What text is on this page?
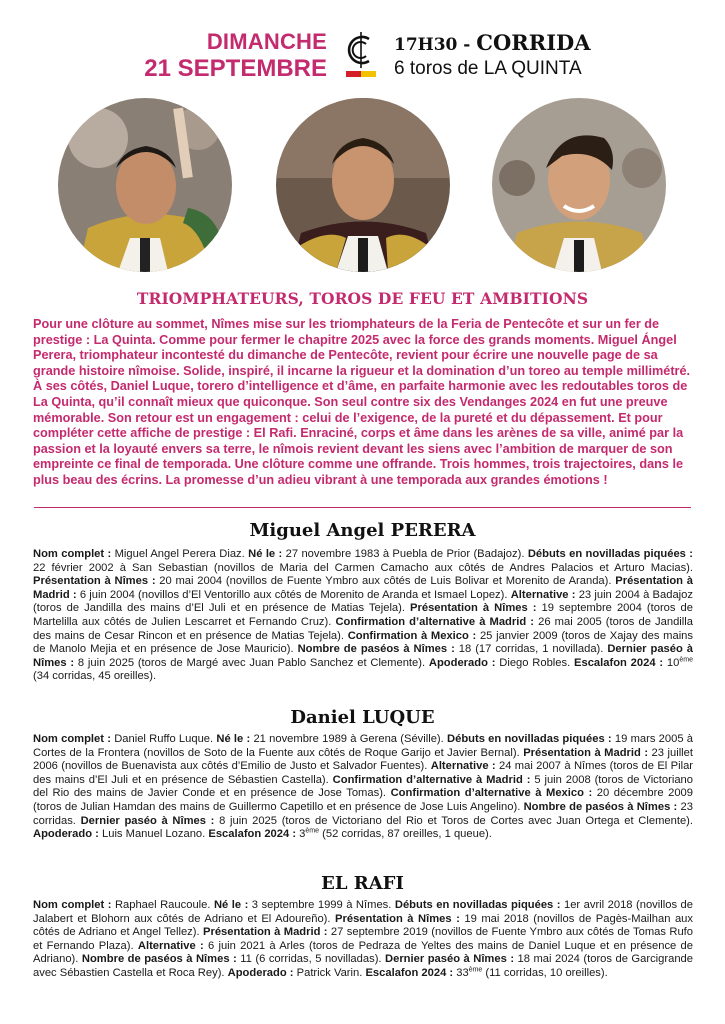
DIMANCHE
21 SEPTEMBRE
17H30 - CORRIDA
6 toros de LA QUINTA
TRIOMPHATEURS, TOROS DE FEU ET AMBITIONS

Pour une clôture au sommet, Nîmes mise sur les triomphateurs de la Feria de Pentecôte et sur un fer de prestige : La Quinta. Comme pour fermer le chapitre 2025 avec la force des grands moments. Miguel Ángel Perera, triomphateur incontesté du dimanche de Pentecôte, revient pour écrire une nouvelle page de sa grande histoire nîmoise. Solide, inspiré, il incarne la rigueur et la domination d’un toreo au temple millimétré. À ses côtés, Daniel Luque, torero d’intelligence et d’âme, en parfaite harmonie avec les redoutables toros de La Quinta, qu’il connaît mieux que quiconque. Son seul contre six des Vendanges 2024 en fut une preuve mémorable. Son retour est un engagement : celui de l’exigence, de la pureté et du dépassement. Et pour compléter cette affiche de prestige : El Rafi. Enraciné, corps et âme dans les arènes de sa ville, animé par la passion et la loyauté envers sa terre, le nîmois revient devant les siens avec l’ambition de marquer de son empreinte ce final de temporada. Une clôture comme une offrande. Trois hommes, trois trajectoires, dans le plus beau des écrins. La promesse d’un adieu vibrant à une temporada aux grandes émotions !

Miguel Angel PERERA
Nom complet : Miguel Angel Perera Diaz. Né le : 27 novembre 1983 à Puebla de Prior (Badajoz). Débuts en novilladas piquées : 22 février 2002 à San Sebastian (novillos de Maria del Carmen Camacho aux côtés de Andres Palacios et Arturo Macias). Présentation à Nîmes : 20 mai 2004 (novillos de Fuente Ymbro aux côtés de Luis Bolivar et Morenito de Aranda). Présentation à Madrid : 6 juin 2004 (novillos d’El Ventorillo aux côtés de Morenito de Aranda et Ismael Lopez). Alternative : 23 juin 2004 à Badajoz (toros de Jandilla des mains d’El Juli et en présence de Matias Tejela). Présentation à Nîmes : 19 septembre 2004 (toros de Martelilla aux côtés de Julien Lescarret et Fernando Cruz). Confirmation d’alternative à Madrid : 26 mai 2005 (toros de Jandilla des mains de Cesar Rincon et en présence de Matias Tejela). Confirmation à Mexico : 25 janvier 2009 (toros de Xajay des mains de Manolo Mejia et en présence de Jose Mauricio). Nombre de paséos à Nîmes : 18 (17 corridas, 1 novillada). Dernier paséo à Nîmes : 8 juin 2025 (toros de Margé avec Juan Pablo Sanchez et Clemente). Apoderado : Diego Robles. Escalafon 2024 : 10ème (34 corridas, 45 oreilles).
Daniel LUQUE
Nom complet : Daniel Ruffo Luque. Né le : 21 novembre 1989 à Gerena (Séville). Débuts en novilladas piquées : 19 mars 2005 à Cortes de la Frontera (novillos de Soto de la Fuente aux côtés de Roque Garijo et Javier Bernal). Présentation à Madrid : 23 juillet 2006 (novillos de Buenavista aux côtés d’Emilio de Justo et Salvador Fuentes). Alternative : 24 mai 2007 à Nîmes (toros de El Pilar des mains d’El Juli et en présence de Sébastien Castella). Confirmation d’alternative à Madrid : 5 juin 2008 (toros de Victoriano del Rio des mains de Javier Conde et en présence de Jose Tomas). Confirmation d’alternative à Mexico : 20 décembre 2009 (toros de Julian Hamdan des mains de Guillermo Capetillo et en présence de Jose Luis Angelino). Nombre de paséos à Nîmes : 23 corridas. Dernier paséo à Nîmes : 8 juin 2025 (toros de Victoriano del Rio et Toros de Cortes avec Juan Ortega et Clemente). Apoderado : Luis Manuel Lozano. Escalafon 2024 : 3ème (52 corridas, 87 oreilles, 1 queue).
EL RAFI
Nom complet : Raphael Raucoule. Né le : 3 septembre 1999 à Nîmes. Débuts en novilladas piquées : 1er avril 2018 (novillos de Jalabert et Blohorn aux côtés de Adriano et El Adoureño). Présentation à Nîmes : 19 mai 2018 (novillos de Pagès-Mailhan aux côtés de Adriano et Angel Tellez). Présentation à Madrid : 27 septembre 2019 (novillos de Fuente Ymbro aux côtés de Tomas Rufo et Fernando Plaza). Alternative : 6 juin 2021 à Arles (toros de Pedraza de Yeltes des mains de Daniel Luque et en présence de Adriano). Nombre de paséos à Nîmes : 11 (6 corridas, 5 novilladas). Dernier paséo à Nîmes : 18 mai 2024 (toros de Garcigrande avec Sébastien Castella et Roca Rey). Apoderado : Patrick Varin. Escalafon 2024 : 33ème (11 corridas, 10 oreilles).
